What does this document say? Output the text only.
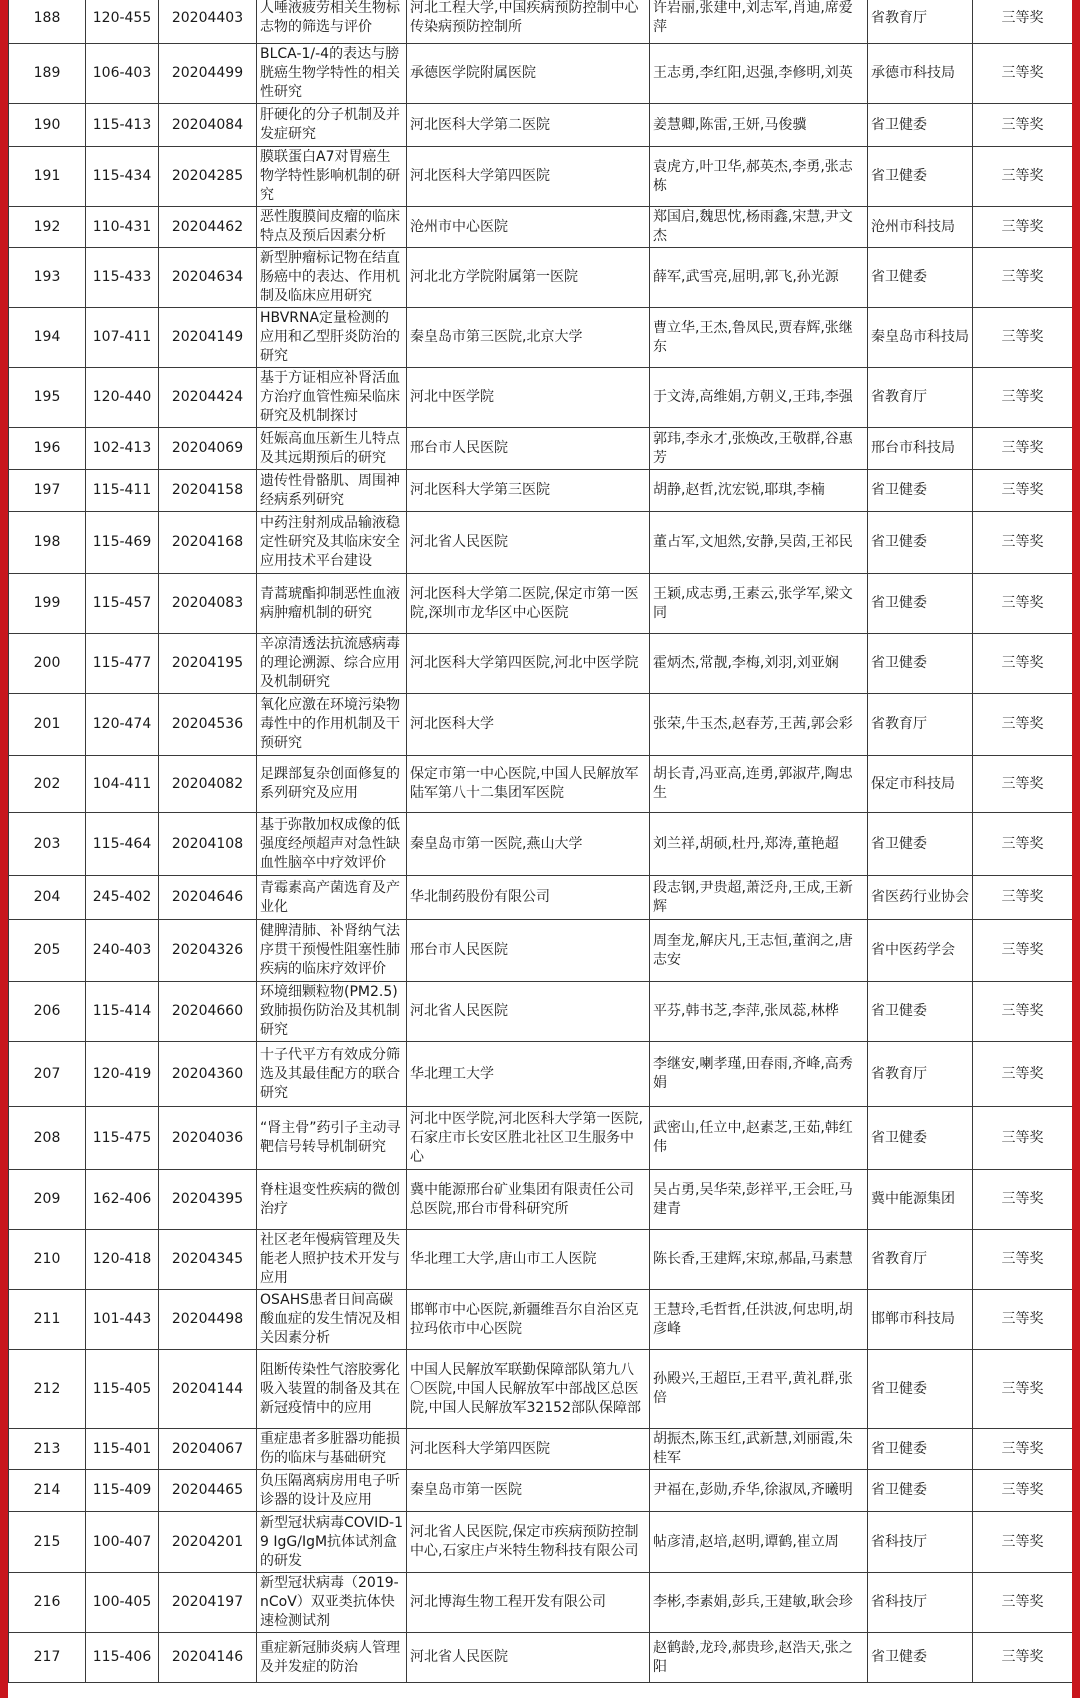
188	120-455	20204403	人唾液疲劳相关生物标志物的筛选与评价	河北工程大学,中国疾病预防控制中心传染病预防控制所	许岩丽,张建中,刘志军,肖迪,席爱萍	省教育厅	三等奖
189	106-403	20204499	BLCA-1/-4的表达与膀胱癌生物学特性的相关性研究	承德医学院附属医院	王志勇,李红阳,迟强,李修明,刘英	承德市科技局	三等奖
190	115-413	20204084	肝硬化的分子机制及并发症研究	河北医科大学第二医院	姜慧卿,陈雷,王妍,马俊骥	省卫健委	三等奖
191	115-434	20204285	膜联蛋白A7对胃癌生物学特性影响机制的研究	河北医科大学第四医院	袁虎方,叶卫华,郝英杰,李勇,张志栋	省卫健委	三等奖
192	110-431	20204462	恶性腹膜间皮瘤的临床特点及预后因素分析	沧州市中心医院	郑国启,魏思忱,杨雨鑫,宋慧,尹文杰	沧州市科技局	三等奖
193	115-433	20204634	新型肿瘤标记物在结直肠癌中的表达、作用机制及临床应用研究	河北北方学院附属第一医院	薛军,武雪亮,屈明,郭飞,孙光源	省卫健委	三等奖
194	107-411	20204149	HBVRNA定量检测的应用和乙型肝炎防治的研究	秦皇岛市第三医院,北京大学	曹立华,王杰,鲁凤民,贾春辉,张继东	秦皇岛市科技局	三等奖
195	120-440	20204424	基于方证相应补肾活血方治疗血管性痴呆临床研究及机制探讨	河北中医学院	于文涛,高维娟,方朝义,王玮,李强	省教育厅	三等奖
196	102-413	20204069	妊娠高血压新生儿特点及其远期预后的研究	邢台市人民医院	郭玮,李永才,张焕改,王敬群,谷惠芳	邢台市科技局	三等奖
197	115-411	20204158	遗传性骨骼肌、周围神经病系列研究	河北医科大学第三医院	胡静,赵哲,沈宏锐,耶琪,李楠	省卫健委	三等奖
198	115-469	20204168	中药注射剂成品输液稳定性研究及其临床安全应用技术平台建设	河北省人民医院	董占军,文旭然,安静,吴茵,王祁民	省卫健委	三等奖
199	115-457	20204083	青蒿琥酯抑制恶性血液病肿瘤机制的研究	河北医科大学第二医院,保定市第一医院,深圳市龙华区中心医院	王颖,成志勇,王素云,张学军,梁文同	省卫健委	三等奖
200	115-477	20204195	辛凉清透法抗流感病毒的理论溯源、综合应用及机制研究	河北医科大学第四医院,河北中医学院	霍炳杰,常靓,李梅,刘羽,刘亚娴	省卫健委	三等奖
201	120-474	20204536	氧化应激在环境污染物毒性中的作用机制及干预研究	河北医科大学	张荣,牛玉杰,赵春芳,王茜,郭会彩	省教育厅	三等奖
202	104-411	20204082	足踝部复杂创面修复的系列研究及应用	保定市第一中心医院,中国人民解放军陆军第八十二集团军医院	胡长青,冯亚高,连勇,郭淑芹,陶忠生	保定市科技局	三等奖
203	115-464	20204108	基于弥散加权成像的低强度经颅超声对急性缺血性脑卒中疗效评价	秦皇岛市第一医院,燕山大学	刘兰祥,胡硕,杜丹,郑涛,董艳超	省卫健委	三等奖
204	245-402	20204646	青霉素高产菌选育及产业化	华北制药股份有限公司	段志钢,尹贵超,萧泛舟,王成,王新辉	省医药行业协会	三等奖
205	240-403	20204326	健脾清肺、补肾纳气法序贯干预慢性阻塞性肺疾病的临床疗效评价	邢台市人民医院	周奎龙,解庆凡,王志恒,董润之,唐志安	省中医药学会	三等奖
206	115-414	20204660	环境细颗粒物(PM2.5)致肺损伤防治及其机制研究	河北省人民医院	平芬,韩书芝,李萍,张凤蕊,林桦	省卫健委	三等奖
207	120-419	20204360	十子代平方有效成分筛选及其最佳配方的联合研究	华北理工大学	李继安,喇孝瑾,田春雨,齐峰,高秀娟	省教育厅	三等奖
208	115-475	20204036	“肾主骨”药引子主动寻靶信号转导机制研究	河北中医学院,河北医科大学第一医院,石家庄市长安区胜北社区卫生服务中心	武密山,任立中,赵素芝,王茹,韩红伟	省卫健委	三等奖
209	162-406	20204395	脊柱退变性疾病的微创治疗	冀中能源邢台矿业集团有限责任公司总医院,邢台市骨科研究所	吴占勇,吴华荣,彭祥平,王会旺,马建青	冀中能源集团	三等奖
210	120-418	20204345	社区老年慢病管理及失能老人照护技术开发与应用	华北理工大学,唐山市工人医院	陈长香,王建辉,宋琼,郝晶,马素慧	省教育厅	三等奖
211	101-443	20204498	OSAHS患者日间高碳酸血症的发生情况及相关因素分析	邯郸市中心医院,新疆维吾尔自治区克拉玛依市中心医院	王慧玲,毛哲哲,任洪波,何忠明,胡彦峰	邯郸市科技局	三等奖
212	115-405	20204144	阻断传染性气溶胶雾化吸入装置的制备及其在新冠疫情中的应用	中国人民解放军联勤保障部队第九八〇医院,中国人民解放军中部战区总医院,中国人民解放军32152部队保障部	孙殿兴,王超臣,王君平,黄礼群,张倍	省卫健委	三等奖
213	115-401	20204067	重症患者多脏器功能损伤的临床与基础研究	河北医科大学第四医院	胡振杰,陈玉红,武新慧,刘丽霞,朱桂军	省卫健委	三等奖
214	115-409	20204465	负压隔离病房用电子听诊器的设计及应用	秦皇岛市第一医院	尹福在,彭勋,乔华,徐淑凤,齐曦明	省卫健委	三等奖
215	100-407	20204201	新型冠状病毒COVID-19 IgG/IgM抗体试剂盒的研发	河北省人民医院,保定市疾病预防控制中心,石家庄卢米特生物科技有限公司	帖彦清,赵培,赵明,谭鹤,崔立周	省科技厅	三等奖
216	100-405	20204197	新型冠状病毒（2019-nCoV）双亚类抗体快速检测试剂	河北博海生物工程开发有限公司	李彬,李素娟,彭兵,王建敏,耿会珍	省科技厅	三等奖
217	115-406	20204146	重症新冠肺炎病人管理及并发症的防治	河北省人民医院	赵鹤龄,龙玲,郝贵珍,赵浩天,张之阳	省卫健委	三等奖
